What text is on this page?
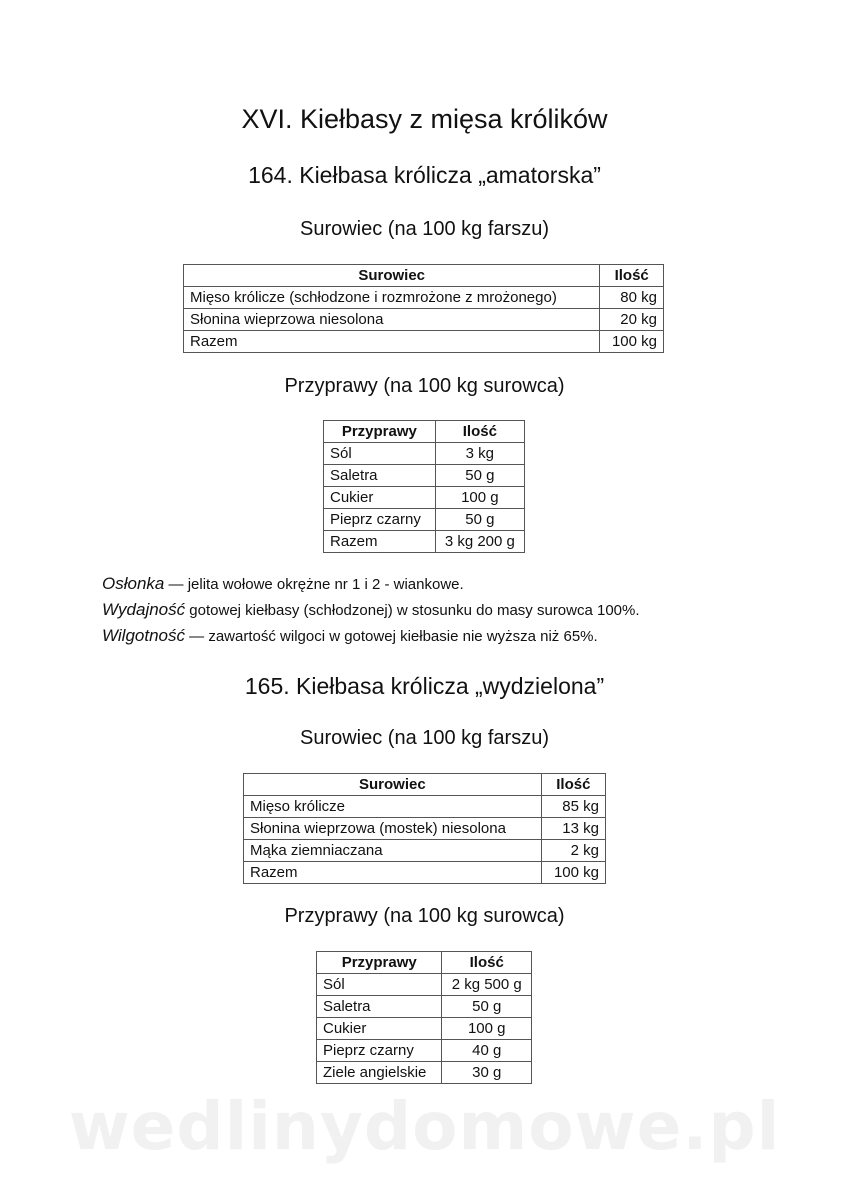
XVI. Kiełbasy z mięsa królików
164. Kiełbasa królicza „amatorska”
Surowiec (na 100 kg farszu)
Surowiec	Ilość
Mięso królicze (schłodzone i rozmrożone z mrożonego)	80 kg
Słonina wieprzowa niesolona	20 kg
Razem	100 kg
Przyprawy (na 100 kg surowca)
Przyprawy	Ilość
Sól	3 kg
Saletra	50 g
Cukier	100 g
Pieprz czarny	50 g
Razem	3 kg 200 g
Osłonka — jelita wołowe okrężne nr 1 i 2 - wiankowe.
Wydajność gotowej kiełbasy (schłodzonej) w stosunku do masy surowca 100%.
Wilgotność — zawartość wilgoci w gotowej kiełbasie nie wyższa niż 65%.
165. Kiełbasa królicza „wydzielona”
Surowiec (na 100 kg farszu)
Surowiec	Ilość
Mięso królicze	85 kg
Słonina wieprzowa (mostek) niesolona	13 kg
Mąka ziemniaczana	2 kg
Razem	100 kg
Przyprawy (na 100 kg surowca)
Przyprawy	Ilość
Sól	2 kg 500 g
Saletra	50 g
Cukier	100 g
Pieprz czarny	40 g
Ziele angielskie	30 g
wedlinydomowe.pl
